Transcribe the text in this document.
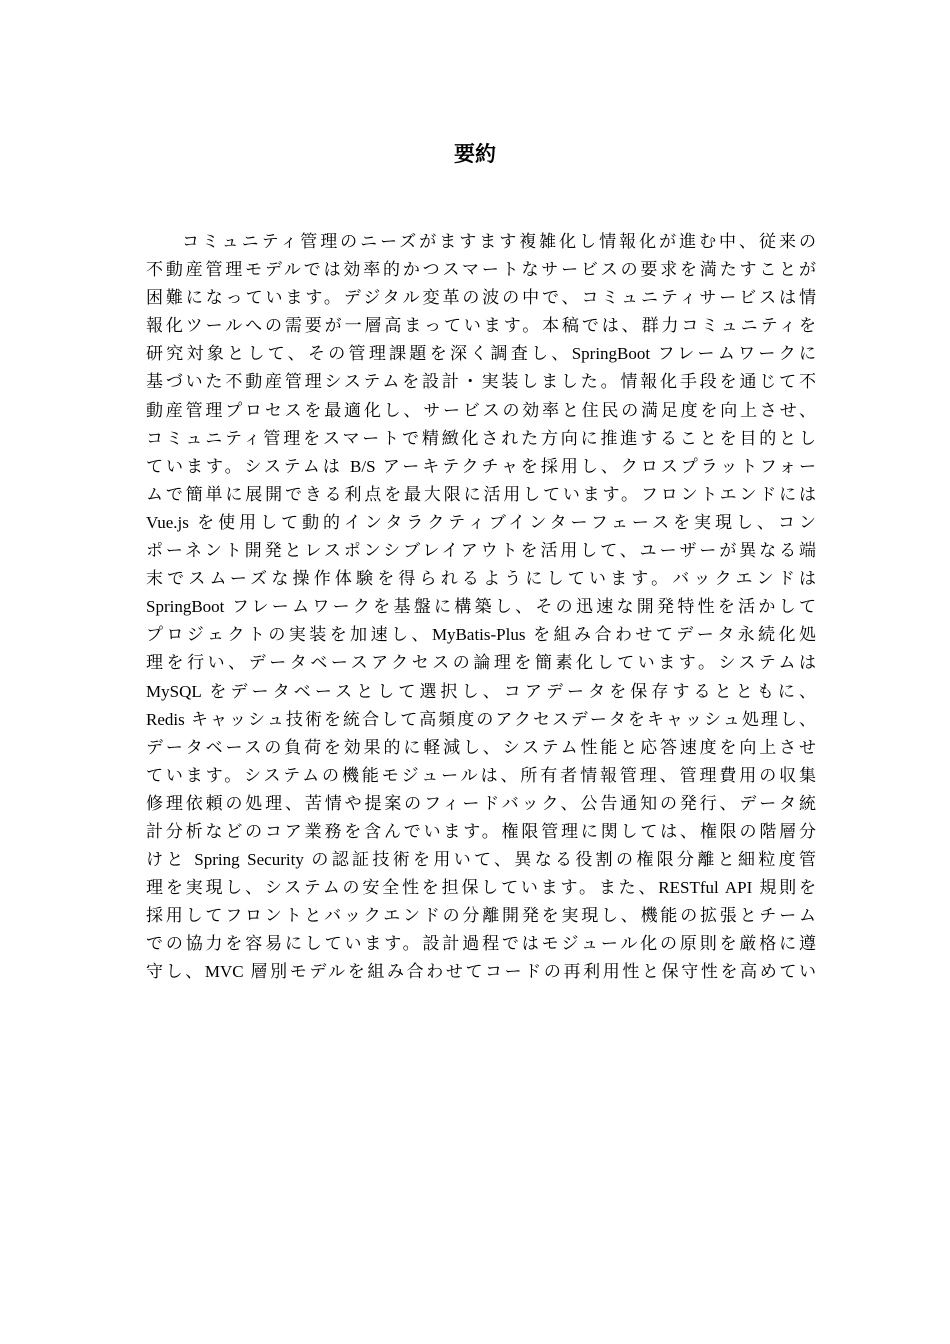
要約
コミュニティ管理のニーズがますます複雑化し情報化が進む中、従来の
不動産管理モデルでは効率的かつスマートなサービスの要求を満たすことが
困難になっています。デジタル変革の波の中で、コミュニティサービスは情
報化ツールへの需要が一層高まっています。本稿では、群力コミュニティを
研究対象として、その管理課題を深く調査し、SpringBoot フレームワークに
基づいた不動産管理システムを設計・実装しました。情報化手段を通じて不
動産管理プロセスを最適化し、サービスの効率と住民の満足度を向上させ、
コミュニティ管理をスマートで精緻化された方向に推進することを目的とし
ています。システムは B/S アーキテクチャを採用し、クロスプラットフォー
ムで簡単に展開できる利点を最大限に活用しています。フロントエンドには
Vue.js を使用して動的インタラクティブインターフェースを実現し、コン
ポーネント開発とレスポンシブレイアウトを活用して、ユーザーが異なる端
末でスムーズな操作体験を得られるようにしています。バックエンドは
SpringBoot フレームワークを基盤に構築し、その迅速な開発特性を活かして
プロジェクトの実装を加速し、MyBatis-Plus を組み合わせてデータ永続化処
理を行い、データベースアクセスの論理を簡素化しています。システムは
MySQL をデータベースとして選択し、コアデータを保存するとともに、
Redis キャッシュ技術を統合して高頻度のアクセスデータをキャッシュ処理し、
データベースの負荷を効果的に軽減し、システム性能と応答速度を向上させ
ています。システムの機能モジュールは、所有者情報管理、管理費用の収集
修理依頼の処理、苦情や提案のフィードバック、公告通知の発行、データ統
計分析などのコア業務を含んでいます。権限管理に関しては、権限の階層分
けと Spring Security の認証技術を用いて、異なる役割の権限分離と細粒度管
理を実現し、システムの安全性を担保しています。また、RESTful API 規則を
採用してフロントとバックエンドの分離開発を実現し、機能の拡張とチーム
での協力を容易にしています。設計過程ではモジュール化の原則を厳格に遵
守し、MVC 層別モデルを組み合わせてコードの再利用性と保守性を高めてい
